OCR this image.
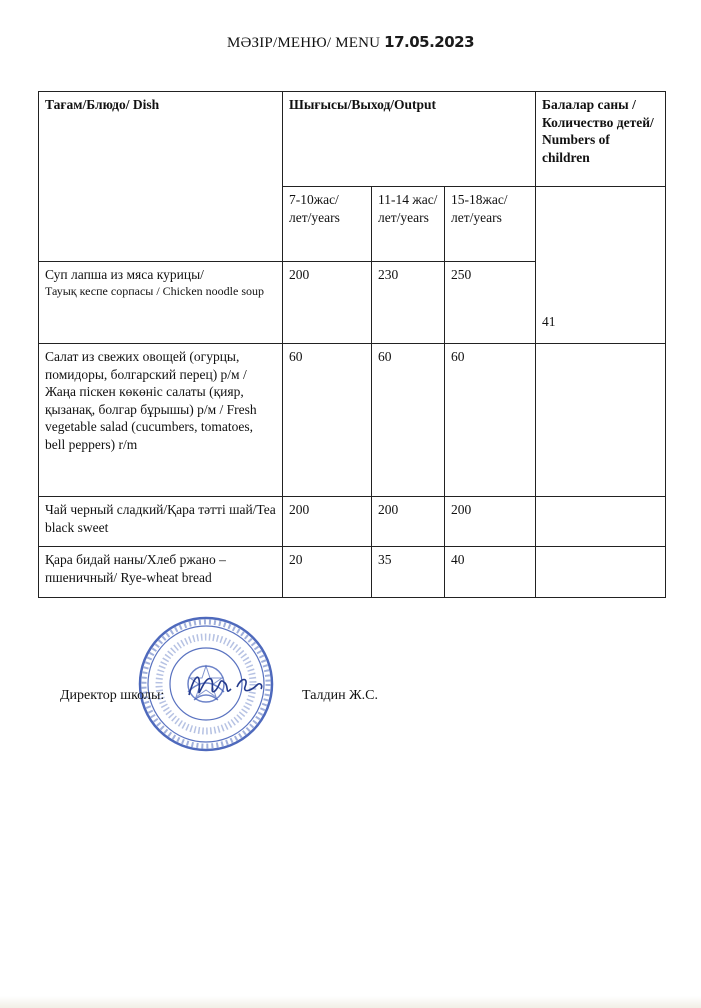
МӘЗІР/МЕНЮ/ MENU 17.05.2023
Тағам/Блюдо/ Dish	Шығысы/Выход/Output			Балалар саны /Количество детей/ Numbers of children
	7-10жас/лет/years	11-14 жас/лет/years	15-18жас/лет/years	41

Суп лапша из мяса курицы/
Тауық кеспе сорпасы / Chicken noodle soup	200	230	250	
Салат из свежих овощей (огурцы, помидоры, болгарский перец) р/м / Жаңа піскен көкөніс салаты (қияр, қызанақ, болгар бұрышы) р/м / Fresh vegetable salad (cucumbers, tomatoes, bell peppers) r/m	60	60	60	
Чай черный сладкий/Қара тәтті шай/Tea black sweet	200	200	200	
Қара бидай наны/Хлеб ржано – пшеничный/ Rye-wheat bread	20	35	40	
Директор школы:	Талдин Ж.С.
